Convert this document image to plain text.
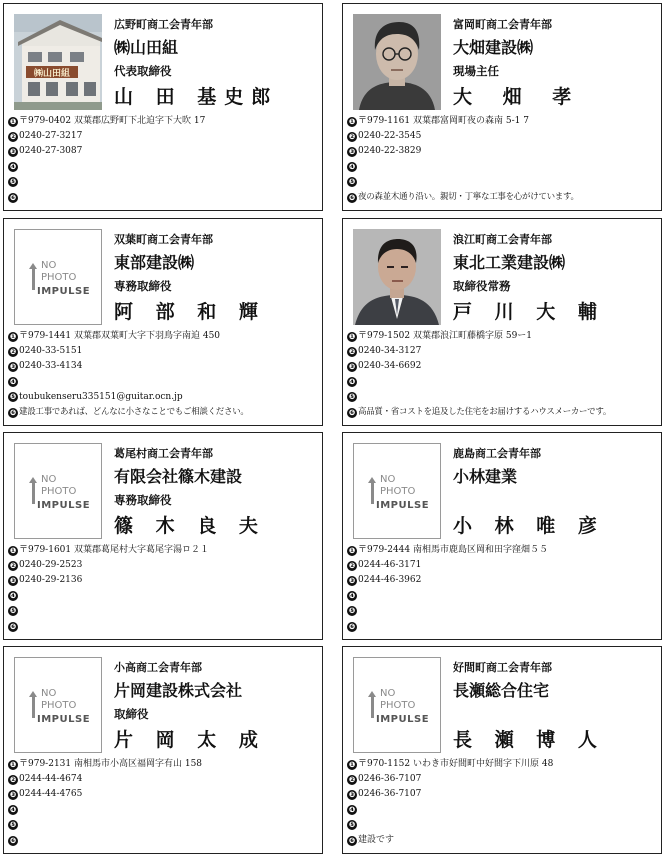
㈱山田組
広野町商工会青年部
㈱山田組
代表取締役
山 田 基史郎
❶ 〒979-0402 双葉郡広野町下北迫字下大吹 17
❷ 0240-27-3217
❸ 0240-27-3087
❹
❺
❻
富岡町商工会青年部
大畑建設㈱
現場主任
大 畑 孝
❶ 〒979-1161 双葉郡富岡町夜の森南 5-1 7
❷ 0240-22-3545
❸ 0240-22-3829
❹
❺
❻ 夜の森並木通り沿い。親切・丁寧な工事を心がけています。
NO
PHOTO
IMPULSE
双葉町商工会青年部
東部建設㈱
専務取締役
阿 部 和 輝
❶ 〒979-1441 双葉郡双葉町大字下羽鳥字南迫 450
❷ 0240-33-5151
❸ 0240-33-4134
❹
❺ toubukenseru335151@guitar.ocn.jp
❻ 建設工事であれば、どんなに小さなことでもご相談ください。
浪江町商工会青年部
東北工業建設㈱
取締役常務
戸 川 大 輔
❶ 〒979-1502 双葉郡浪江町藤橋字原 59ー1
❷ 0240-34-3127
❸ 0240-34-6692
❹
❺
❻ 高品質・省コストを追及した住宅をお届けするハウスメーカーです。
NO
PHOTO
IMPULSE
葛尾村商工会青年部
有限会社篠木建設
専務取締役
篠 木 良 夫
❶ 〒979-1601 双葉郡葛尾村大字葛尾字湯ロ２１
❷ 0240-29-2523
❸ 0240-29-2136
❹
❺
❻
NO
PHOTO
IMPULSE
鹿島商工会青年部
小林建業
小 林 唯 彦
❶ 〒979-2444 南相馬市鹿島区岡和田字窪畑５５
❷ 0244-46-3171
❸ 0244-46-3962
❹
❺
❻
NO
PHOTO
IMPULSE
小高商工会青年部
片岡建設株式会社
取締役
片 岡 太 成
❶ 〒979-2131 南相馬市小高区福岡字有山 158
❷ 0244-44-4674
❸ 0244-44-4765
❹
❺
❻
NO
PHOTO
IMPULSE
好間町商工会青年部
長瀬総合住宅
長 瀬 博 人
❶ 〒970-1152 いわき市好間町中好間字下川原 48
❷ 0246-36-7107
❸ 0246-36-7107
❹
❺
❻ 建設です
